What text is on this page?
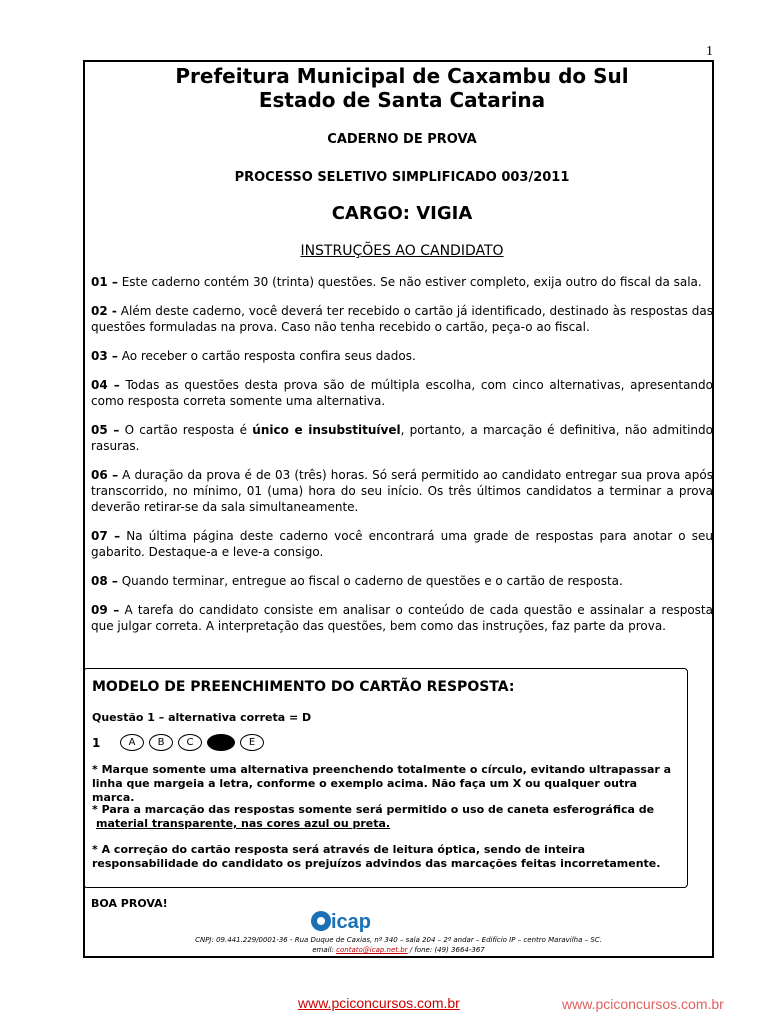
1

Prefeitura Municipal de Caxambu do Sul

Estado de Santa Catarina

CADERNO DE PROVA

PROCESSO SELETIVO SIMPLIFICADO 003/2011

CARGO: VIGIA

INSTRUÇÕES AO CANDIDATO

01 – Este caderno contém 30 (trinta) questões. Se não estiver completo, exija outro do fiscal da sala.

02 - Além deste caderno, você deverá ter recebido o cartão já identificado, destinado às respostas das questões formuladas na prova. Caso não tenha recebido o cartão, peça-o ao fiscal.

03 – Ao receber o cartão resposta confira seus dados.

04 – Todas as questões desta prova são de múltipla escolha, com cinco alternativas, apresentando como resposta correta somente uma alternativa.

05 – O cartão resposta é único e insubstituível, portanto, a marcação é definitiva, não admitindo rasuras.

06 – A duração da prova é de 03 (três) horas. Só será permitido ao candidato entregar sua prova após transcorrido, no mínimo, 01 (uma) hora do seu início. Os três últimos candidatos a terminar a prova deverão retirar-se da sala simultaneamente.

07 – Na última página deste caderno você encontrará uma grade de respostas para anotar o seu gabarito. Destaque-a e leve-a consigo.

08 – Quando terminar, entregue ao fiscal o caderno de questões e o cartão de resposta.

09 – A tarefa do candidato consiste em analisar o conteúdo de cada questão e assinalar a resposta que julgar correta. A interpretação das questões, bem como das instruções, faz parte da prova.

MODELO DE PREENCHIMENTO DO CARTÃO RESPOSTA:

Questão 1 – alternativa correta = D

1	A	B	C	E

* Marque somente uma alternativa preenchendo totalmente o círculo, evitando ultrapassar a linha que margeia a letra, conforme o exemplo acima. Não faça um X ou qualquer outra marca.

* Para a marcação das respostas somente será permitido o uso de caneta esferográfica de
material transparente, nas cores azul ou preta.

* A correção do cartão resposta será através de leitura óptica, sendo de inteira responsabilidade do candidato os prejuízos advindos das marcações feitas incorretamente.

BOA PROVA!

icap

CNPJ: 09.441.229/0001-36 - Rua Duque de Caxias, nº 340 – sala 204 – 2º andar – Edifício IP – centro Maravilha – SC.

email: contato@icap.net.br / fone: (49) 3664-367

www.pciconcursos.com.br	www.pciconcursos.com.br
